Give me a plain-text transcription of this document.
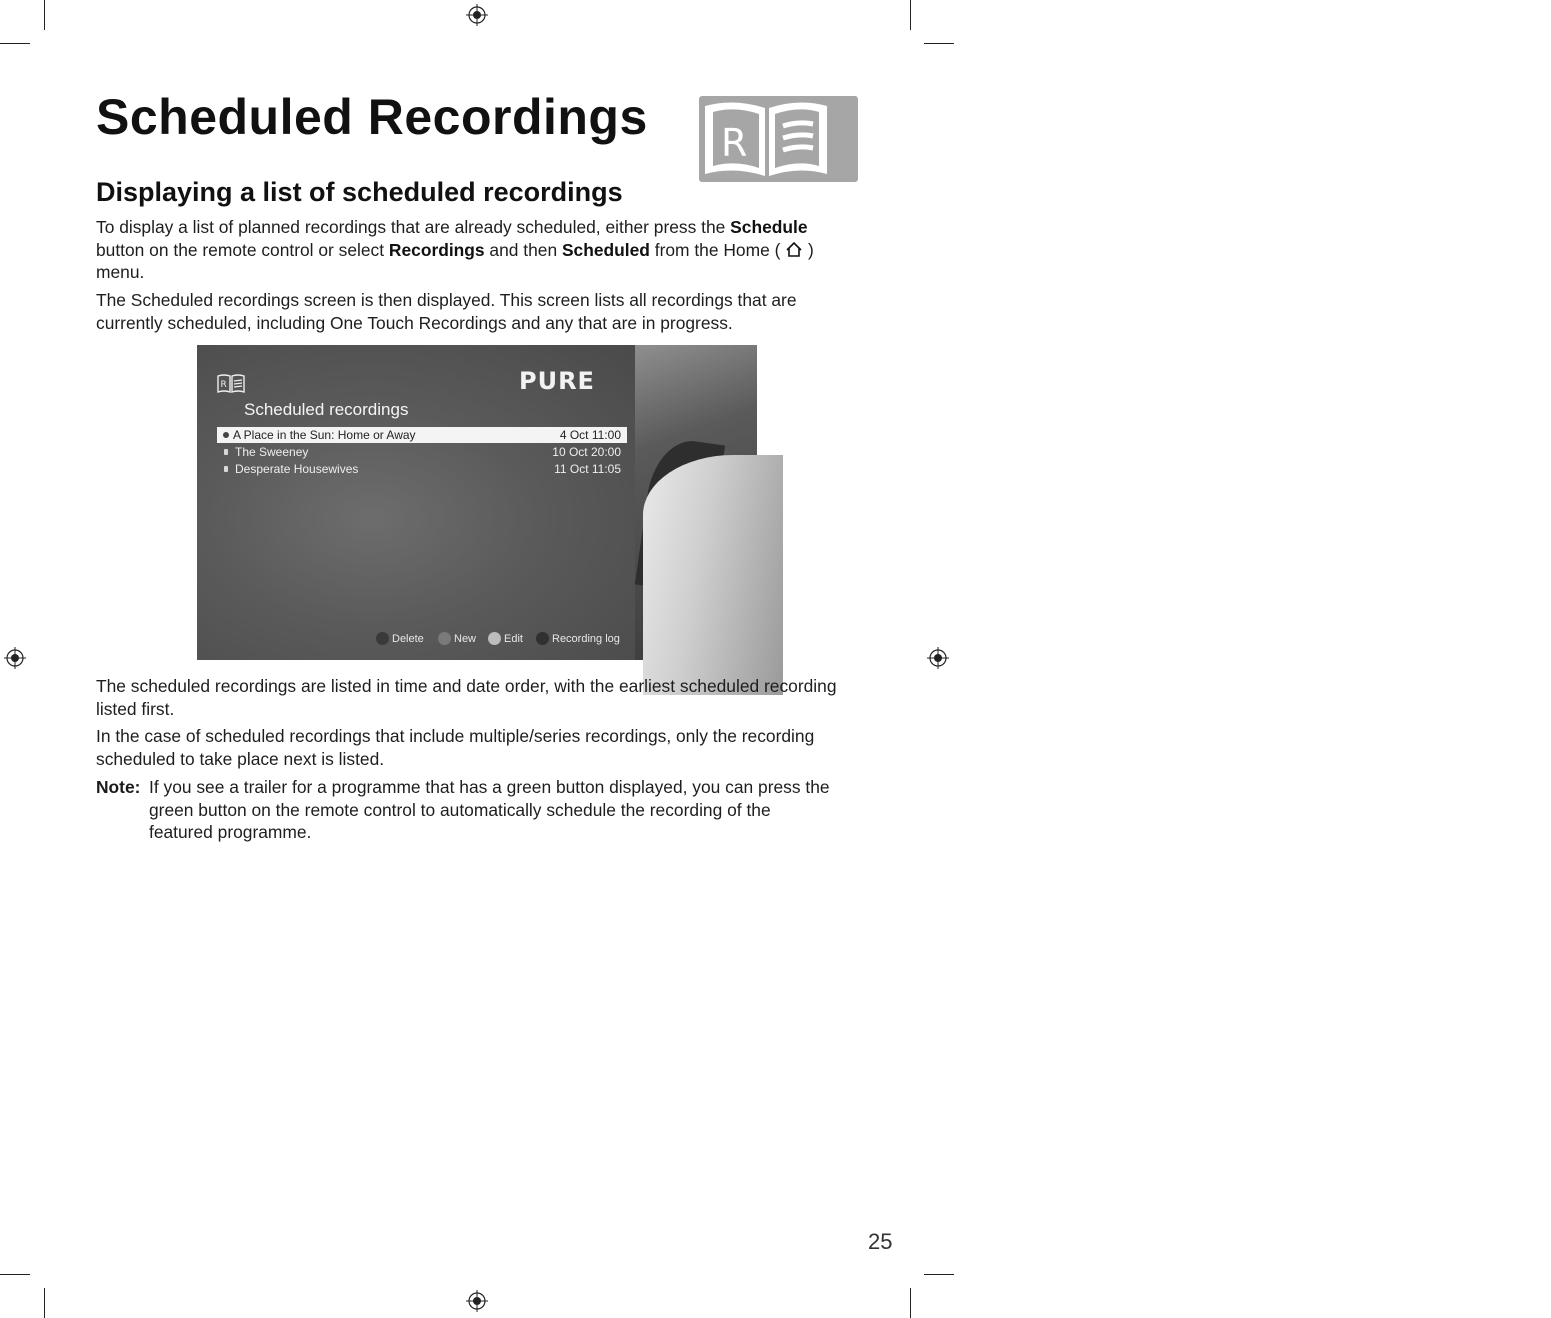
Scheduled Recordings R
Scheduled
Displaying a list of scheduled recordings

To display a list of planned recordings that are already scheduled, either press the Schedule button on the remote control or select Recordings and then Scheduled from the Home (  ) menu.

The Scheduled recordings screen is then displayed. This screen lists all recordings that are currently scheduled, including One Touch Recordings and any that are in progress.

R	PURE
Scheduled recordings
A Place in the Sun: Home or Away	4 Oct 11:00
The Sweeney	10 Oct 20:00
Desperate Housewives	11 Oct 11:05
Delete	New	Edit	Recording log

The scheduled recordings are listed in time and date order, with the earliest scheduled recording listed first.

In the case of scheduled recordings that include multiple/series recordings, only the recording scheduled to take place next is listed.

Note: If you see a trailer for a programme that has a green button displayed, you can press the green button on the remote control to automatically schedule the recording of the featured programme.

25
